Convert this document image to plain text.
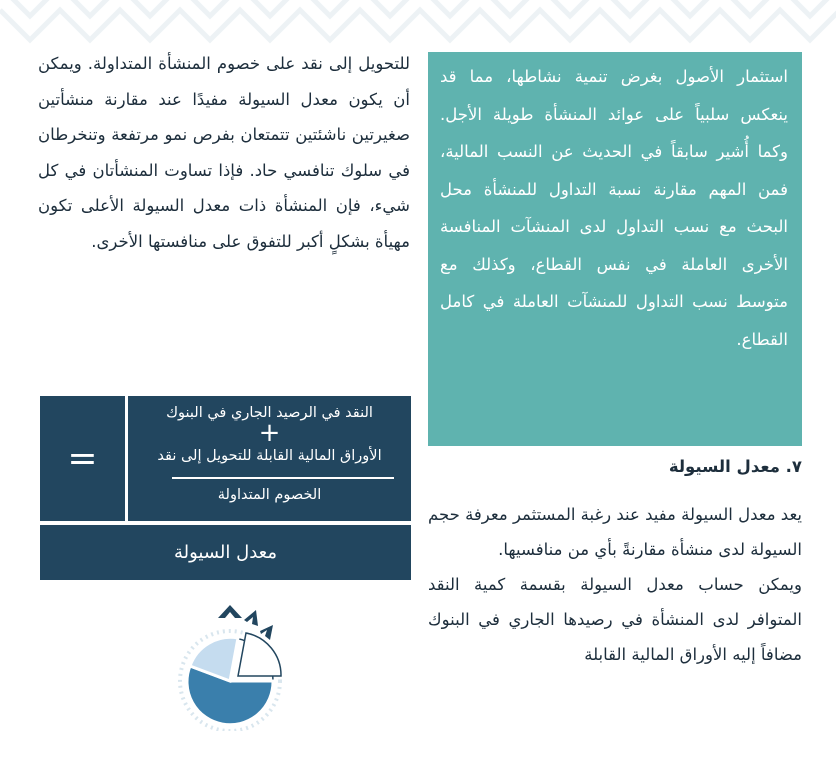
للتحويل إلى نقد على خصوم المنشأة المتداولة. ويمكن أن يكون معدل السيولة مفيدًا عند مقارنة منشأتين صغيرتين ناشئتين تتمتعان بفرص نمو مرتفعة وتنخرطان في سلوك تنافسي حاد. فإذا تساوت المنشأتان في كل شيء، فإن المنشأة ذات معدل السيولة الأعلى تكون مهيأة بشكلٍ أكبر للتفوق على منافستها الأخرى.

استثمار الأصول بغرض تنمية نشاطها، مما قد ينعكس سلبياً على عوائد المنشأة طويلة الأجل. وكما أُشير سابقاً في الحديث عن النسب المالية، فمن المهم مقارنة نسبة التداول للمنشأة محل البحث مع نسب التداول لدى المنشآت المنافسة الأخرى العاملة في نفس القطاع، وكذلك مع متوسط نسب التداول للمنشآت العاملة في كامل القطاع.

٧. معدل السيولة

يعد معدل السيولة مفيد عند رغبة المستثمر معرفة حجم السيولة لدى منشأة مقارنةً بأي من منافسيها.

ويمكن حساب معدل السيولة بقسمة كمية النقد المتوافر لدى المنشأة في رصيدها الجاري في البنوك مضافاً إليه الأوراق المالية القابلة

=
النقد في الرصيد الجاري في البنوك
+
الأوراق المالية القابلة للتحويل إلى نقد
الخصوم المتداولة
معدل السيولة
